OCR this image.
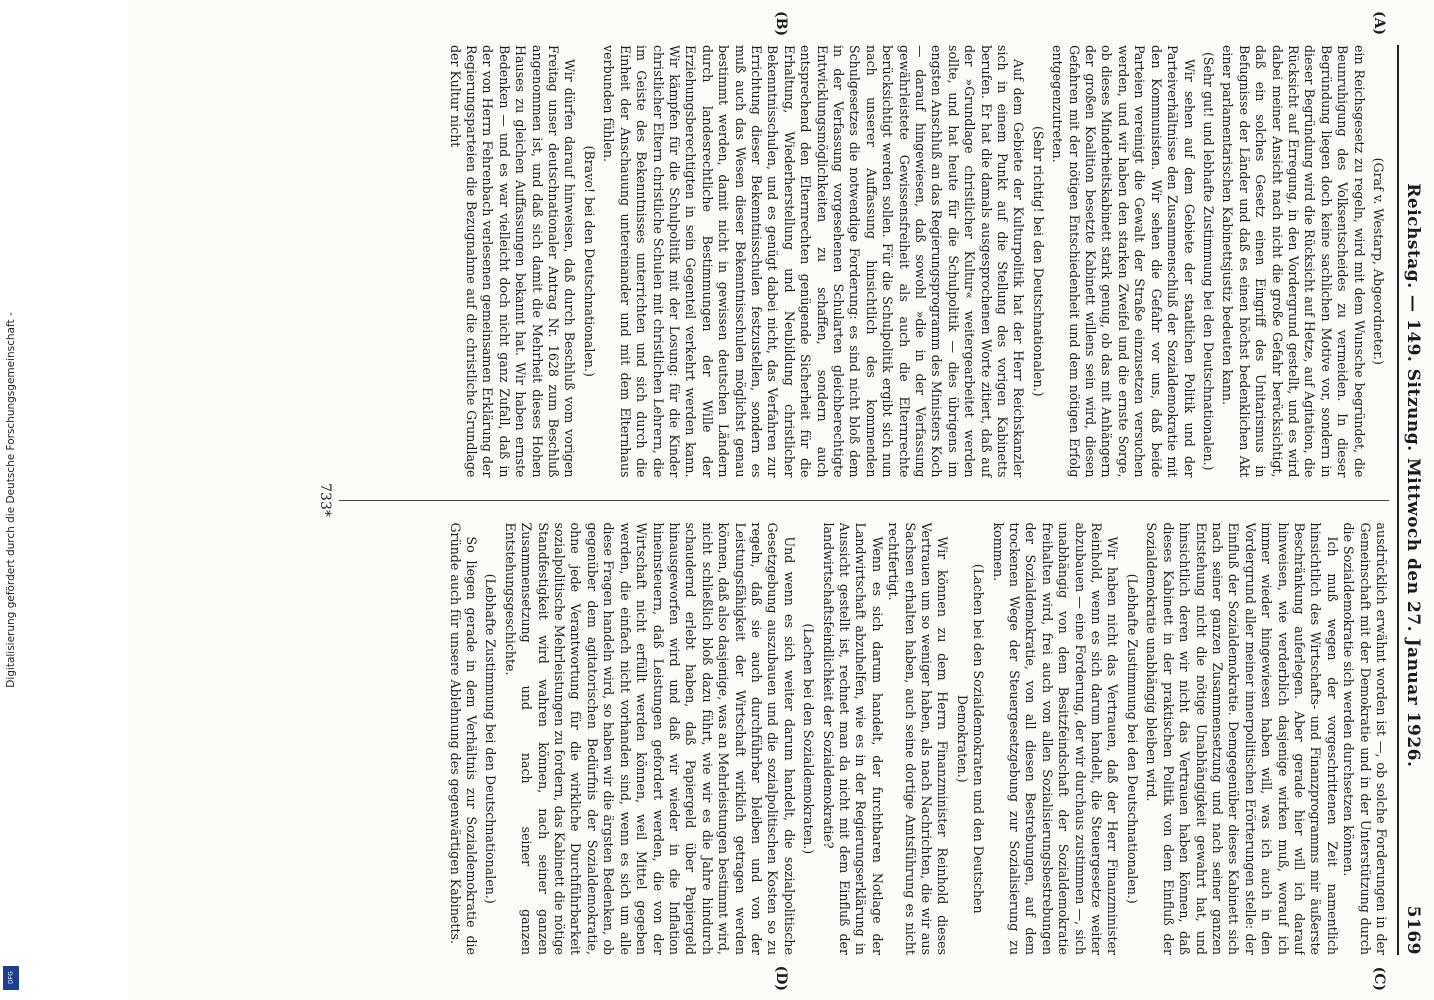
Digitalisierung gefördert durch die Deutsche Forschungsgemeinschaft -
DFG
Reichstag. — 149. Sitzung. Mittwoch den 27. Januar 1926.
5169
(A)
(B)
(C)
(D)

(Graf v. Westarp, Abgeordneter.)

ein Reichsgesetz zu regeln, wird mit dem Wunsche begründet, die Beunruhigung des Volksentscheides zu vermeiden. In dieser Begründung liegen doch keine sachlichen Motive vor, sondern in dieser Begründung wird die Rücksicht auf Hetze, auf Agitation, die Rücksicht auf Erregung, in den Vordergrund gestellt, und es wird dabei meiner Ansicht nach nicht die große Gefahr berücksichtigt, daß ein solches Gesetz einen Eingriff des Unitarismus in Befugnisse der Länder und daß es einen höchst bedenklichen Akt einer parlamentarischen Kabinettsjustiz bedeuten kann.

(Sehr gut! und lebhafte Zustimmung bei den Deutschnationalen.)

Wir sehen auf dem Gebiete der staatlichen Politik und der Parteiverhältnisse den Zusammenschluß der Sozialdemokratie mit den Kommunisten. Wir sehen die Gefahr vor uns, daß beide Parteien vereinigt die Gewalt der Straße einzusetzen versuchen werden, und wir haben den starken Zweifel und die ernste Sorge, ob dieses Minderheitskabinett stark genug, ob das mit Anhängern der großen Koalition besetzte Kabinett willens sein wird, diesen Gefahren mit der nötigen Entschiedenheit und dem nötigen Erfolg entgegenzutreten.

(Sehr richtig! bei den Deutschnationalen.)

Auf dem Gebiete der Kulturpolitik hat der Herr Reichskanzler sich in einem Punkt auf die Stellung des vorigen Kabinetts berufen. Er hat die damals ausgesprochenen Worte zitiert, daß auf der »Grundlage christlicher Kultur« weitergearbeitet werden sollte, und hat heute für die Schulpolitik — dies übrigens im engsten Anschluß an das Regierungsprogramm des Ministers Koch — darauf hingewiesen, daß sowohl »die in der Verfassung gewährleistete Gewissensfreiheit als auch die Elternrechte berücksichtigt werden sollen. Für die Schulpolitik ergibt sich nun nach unserer Auffassung hinsichtlich des kommenden Schulgesetzes die notwendige Forderung: es sind nicht bloß dem in der Verfassung vorgesehenen Schularten gleichberechtigte Entwicklungsmöglichkeiten zu schaffen, sondern auch entsprechend den Elternrechten genügende Sicherheit für die Erhaltung, Wiederherstellung und Neubildung christlicher Bekenntnisschulen, und es genügt dabei nicht, das Verfahren zur Errichtung dieser Bekenntnisschulen festzustellen, sondern es muß auch das Wesen dieser Bekenntnisschulen möglichst genau bestimmt werden, damit nicht in gewissen deutschen Ländern durch landesrechtliche Bestimmungen der Wille der Erziehungsberechtigten in sein Gegenteil verkehrt werden kann. Wir kämpfen für die Schulpolitik mit der Losung: für die Kinder christlicher Eltern christliche Schulen mit christlichen Lehrern, die im Geiste des Bekenntnisses unterrichten und sich durch die Einheit der Anschauung untereinander und mit dem Elternhaus verbunden fühlen.

(Bravo! bei den Deutschnationalen.)

Wir dürfen darauf hinweisen, daß durch Beschluß vom vorigen Freitag unser deutschnationaler Antrag Nr. 1628 zum Beschluß angenommen ist, und daß sich damit die Mehrheit dieses Hohen Hauses zu gleichen Auffassungen bekannt hat. Wir haben ernste Bedenken — und es war vielleicht doch nicht ganz Zufall, daß in der von Herrn Fehrenbach verlesenen gemeinsamen Erklärung der Regierungsparteien die Bezugnahme auf die christliche Grundlage der Kultur nicht

ausdrücklich erwähnt worden ist —, ob solche Forderungen in der Gemeinschaft mit der Demokratie und in der Unterstützung durch die Sozialdemokratie sich werden durchsetzen können.

Ich muß wegen der vorgeschrittenen Zeit namentlich hinsichtlich des Wirtschafts- und Finanzprogramms mir äußerste Beschränkung auferlegen. Aber gerade hier will ich darauf hinweisen, wie verderblich dasjenige wirken muß, worauf ich immer wieder hingewiesen haben will, was ich auch in den Vordergrund aller meiner innerpolitischen Erörterungen stelle: der Einfluß der Sozialdemokratie. Demgegenüber dieses Kabinett sich nach seiner ganzen Zusammensetzung und nach seiner ganzen Entstehung nicht die nötige Unabhängigkeit gewahrt hat, und hinsichtlich deren wir nicht das Vertrauen haben können, daß dieses Kabinett in der praktischen Politik von dem Einfluß der Sozialdemokratie unabhängig bleiben wird.

(Lebhafte Zustimmung bei den Deutschnationalen.)

Wir haben nicht das Vertrauen, daß der Herr Finanzminister Reinhold, wenn es sich darum handelt, die Steuergesetze weiter abzubauen — eine Forderung, der wir durchaus zustimmen —, sich unabhängig von dem Besitzfeindschaft der Sozialdemokratie freihalten wird, frei auch von allen Sozialisierungsbestrebungen der Sozialdemokratie, von all diesen Bestrebungen, auf dem trockenen Wege der Steuergesetzgebung zur Sozialisierung zu kommen.

(Lachen bei den Sozialdemokraten und den Deutschen Demokraten.)

Wir können zu dem Herrn Finanzminister Reinhold dieses Vertrauen um so weniger haben, als nach Nachrichten, die wir aus Sachsen erhalten haben, auch seine dortige Amtsführung es nicht rechtfertigt.

Wenn es sich darum handelt, der furchtbaren Notlage der Landwirtschaft abzuhelfen, wie es in der Regierungserklärung in Aussicht gestellt ist, rechnet man da nicht mit dem Einfluß der landwirtschaftsfeindlichkeit der Sozialdemokratie?

(Lachen bei den Sozialdemokraten.)

Und wenn es sich weiter darum handelt, die sozialpolitische Gesetzgebung auszubauen und die sozialpolitischen Kosten so zu regeln, daß sie auch durchführbar bleiben und von der Leistungsfähigkeit der Wirtschaft wirklich getragen werden können, daß also dasjenige, was an Mehrleistungen bestimmt wird, nicht schließlich bloß dazu führt, wie wir es die Jahre hindurch schaudernd erlebt haben, daß Papiergeld über Papiergeld hinausgeworfen wird und daß wir wieder in die Inflation hineinsteuern, daß Leistungen gefordert werden, die von der Wirtschaft nicht erfüllt werden können, weil Mittel gegeben werden, die einfach nicht vorhanden sind, wenn es sich um alle diese Fragen handeln wird, so haben wir die ärgsten Bedenken, ob gegenüber dem agitatorischen Bedürfnis der Sozialdemokratie, ohne jede Verantwortung für die wirkliche Durchführbarkeit sozialpolitische Mehrleistungen zu fordern, das Kabinett die nötige Standfestigkeit wird wahren können, nach seiner ganzen Zusammensetzung und nach seiner ganzen Entstehungsgeschichte.

(Lebhafte Zustimmung bei den Deutschnationalen.)

So liegen gerade in dem Verhältnis zur Sozialdemokratie die Gründe auch für unsere Ablehnung des gegenwärtigen Kabinetts.

733*
